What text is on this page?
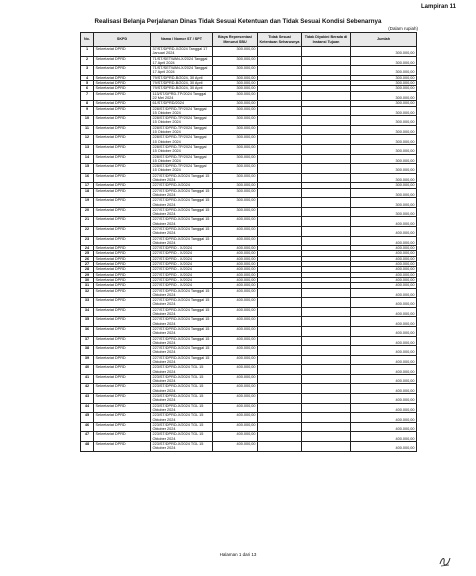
Lampiran 11
Realisasi Belanja Perjalanan Dinas Tidak Sesuai Ketentuan dan Tidak Sesuai Kondisi Sebenarnya
(Dalam rupiah)
No.	SKPD	Nama / Nomor ST / SPT	Biaya Representasi Menurut SBU	Tidak Sesuai Ketentuan Seharusnya	Tidak Diyakini Berada di Instansi Tujuan	Jumlah
1	Sekretariat DPRD	37/ST/DPRD-X/2024 Tanggal 17 Januari 2024	300.000,00			300.000,00
2	Sekretariat DPRD	71/ST/SETWAN-X/2024 Tanggal 17 April 2024	300.000,00			300.000,00
3	Sekretariat DPRD	71/ST/SETWAN-X/2024 Tanggal 17 April 2024	300.000,00			300.000,00
4	Sekretariat DPRD	79/ST/DPRD-B/2024, 30 April	300.000,00			300.000,00
5	Sekretariat DPRD	79/ST/DPRD-B/2024, 30 April	300.000,00			300.000,00
6	Sekretariat DPRD	79/ST/DPRD-B/2024, 30 April	300.000,00			300.000,00
7	Sekretariat DPRD	113/ST/DPRD-TP/2024 Tanggal 22 Mei 2024	300.000,00			300.000,00
8	Sekretariat DPRD	61/ST/DPRD/2024	300.000,00			300.000,00
9	Sekretariat DPRD	228/ST/DPRD-TP/2024 Tanggal 15 Oktober 2024	300.000,00			300.000,00
10	Sekretariat DPRD	228/ST/DPRD-TP/2024 Tanggal 15 Oktober 2024	300.000,00			300.000,00
11	Sekretariat DPRD	228/ST/DPRD-TP/2024 Tanggal 15 Oktober 2024	300.000,00			300.000,00
12	Sekretariat DPRD	228/ST/DPRD-TP/2024 Tanggal 15 Oktober 2024	300.000,00			300.000,00
13	Sekretariat DPRD	228/ST/DPRD-TP/2024 Tanggal 15 Oktober 2024	300.000,00			300.000,00
14	Sekretariat DPRD	228/ST/DPRD-TP/2024 Tanggal 15 Oktober 2024	300.000,00			300.000,00
15	Sekretariat DPRD	228/ST/DPRD-TP/2024 Tanggal 15 Oktober 2024	300.000,00			300.000,00
16	Sekretariat DPRD	227/ST/DPRD-X/2024 Tanggal 15 Oktober 2024	300.000,00			300.000,00
17	Sekretariat DPRD	227/ST/DPRD-X/2024	300.000,00			300.000,00
18	Sekretariat DPRD	227/ST/DPRD-X/2024 Tanggal 15 Oktober 2024	300.000,00			300.000,00
19	Sekretariat DPRD	227/ST/DPRD-X/2024 Tanggal 15 Oktober 2024	300.000,00			300.000,00
20	Sekretariat DPRD	227/ST/DPRD-X/2024 Tanggal 15 Oktober 2024	300.000,00			300.000,00
21	Sekretariat DPRD	227/ST/DPRD-X/2024 Tanggal 15 Oktober 2024	400.000,00			400.000,00
22	Sekretariat DPRD	227/ST/DPRD-X/2024 Tanggal 15 Oktober 2024	400.000,00			400.000,00
23	Sekretariat DPRD	227/ST/DPRD-X/2024 Tanggal 15 Oktober 2024	400.000,00			400.000,00
24	Sekretariat DPRD	227/ST/DPRD - X/2024	400.000,00			400.000,00
25	Sekretariat DPRD	227/ST/DPRD - X/2024	400.000,00			400.000,00
26	Sekretariat DPRD	227/ST/DPRD - X/2024	400.000,00			400.000,00
27	Sekretariat DPRD	227/ST/DPRD - X/2024	400.000,00			400.000,00
28	Sekretariat DPRD	227/ST/DPRD - X/2024	400.000,00			400.000,00
29	Sekretariat DPRD	227/ST/DPRD - X/2024	400.000,00			400.000,00
30	Sekretariat DPRD	227/ST/DPRD - X/2024	400.000,00			400.000,00
31	Sekretariat DPRD	227/ST/DPRD - X/2024	400.000,00			400.000,00
32	Sekretariat DPRD	227/ST/DPRD-X/2024 Tanggal 15 Oktober 2024	400.000,00			400.000,00
33	Sekretariat DPRD	227/ST/DPRD-X/2024 Tanggal 15 Oktober 2024	400.000,00			400.000,00
34	Sekretariat DPRD	227/ST/DPRD-X/2024 Tanggal 15 Oktober 2024	400.000,00			400.000,00
35	Sekretariat DPRD	227/ST/DPRD-X/2024 Tanggal 15 Oktober 2024	400.000,00			400.000,00
36	Sekretariat DPRD	227/ST/DPRD-X/2024 Tanggal 15 Oktober 2024	400.000,00			400.000,00
37	Sekretariat DPRD	227/ST/DPRD-X/2024 Tanggal 15 Oktober 2024	400.000,00			400.000,00
38	Sekretariat DPRD	227/ST/DPRD-X/2024 Tanggal 15 Oktober 2024	400.000,00			400.000,00
39	Sekretariat DPRD	227/ST/DPRD-X/2024 Tanggal 15 Oktober 2024	400.000,00			400.000,00
40	Sekretariat DPRD	223/ST/DPRD-X/2024 TGL 15 Oktober 2024	400.000,00			400.000,00
41	Sekretariat DPRD	223/ST/DPRD-X/2024 TGL 15 Oktober 2024	400.000,00			400.000,00
42	Sekretariat DPRD	223/ST/DPRD-X/2024 TGL 15 Oktober 2024	400.000,00			400.000,00
43	Sekretariat DPRD	223/ST/DPRD-X/2024 TGL 15 Oktober 2024	400.000,00			400.000,00
44	Sekretariat DPRD	223/ST/DPRD-X/2024 TGL 15 Oktober 2024	400.000,00			400.000,00
45	Sekretariat DPRD	223/ST/DPRD-X/2024 TGL 15 Oktober 2024	400.000,00			400.000,00
46	Sekretariat DPRD	223/ST/DPRD-X/2024 TGL 15 Oktober 2024	400.000,00			400.000,00
47	Sekretariat DPRD	223/ST/DPRD-X/2024 TGL 15 Oktober 2024	400.000,00			400.000,00
48	Sekretariat DPRD	223/ST/DPRD-X/2024 TGL 15 Oktober 2024	400.000,00			400.000,00
Halaman 1 dari 13
